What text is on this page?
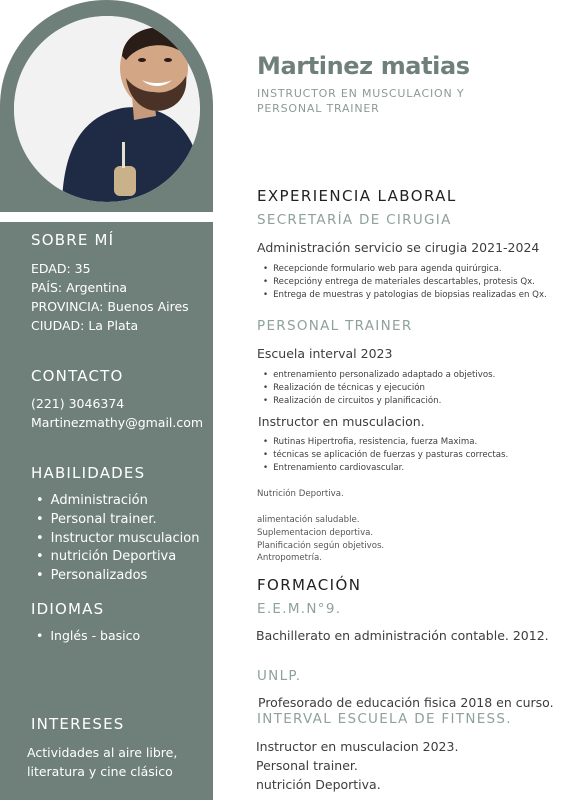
SOBRE MÍ
EDAD: 35
PAÍS: Argentina
PROVINCIA: Buenos Aires
CIUDAD: La Plata
CONTACTO
(221) 3046374
Martinezmathy@gmail.com
HABILIDADES
• Administración
• Personal trainer.
• Instructor musculacion
• nutrición Deportiva
• Personalizados
IDIOMAS
• Inglés - basico
INTERESES
Actividades al aire libre,
literatura y cine clásico
Martinez matias
INSTRUCTOR EN MUSCULACION Y PERSONAL TRAINER
EXPERIENCIA LABORAL
SECRETARÍA DE CIRUGIA
Administración servicio se cirugia 2021-2024
• Recepcionde formulario web para agenda quirúrgica.
• Recepcióny entrega de materiales descartables, protesis Qx.
• Entrega de muestras y patologias de biopsias realizadas en Qx.
PERSONAL TRAINER
Escuela interval 2023
• entrenamiento personalizado adaptado a objetivos.
• Realización de técnicas y ejecución
• Realización de circuitos y planificación.
Instructor en musculacion.
• Rutinas Hipertrofia, resistencia, fuerza Maxima.
• técnicas se aplicación de fuerzas y pasturas correctas.
• Entrenamiento cardiovascular.
Nutrición Deportiva.
alimentación saludable.
Suplementacion deportiva.
Planificación según objetivos.
Antropometría.
FORMACIÓN
E.E.M.N°9.
Bachillerato en administración contable. 2012.
UNLP.
Profesorado de educación fisica 2018 en curso.
INTERVAL ESCUELA DE FITNESS.
Instructor en musculacion 2023.
Personal trainer.
nutrición Deportiva.
